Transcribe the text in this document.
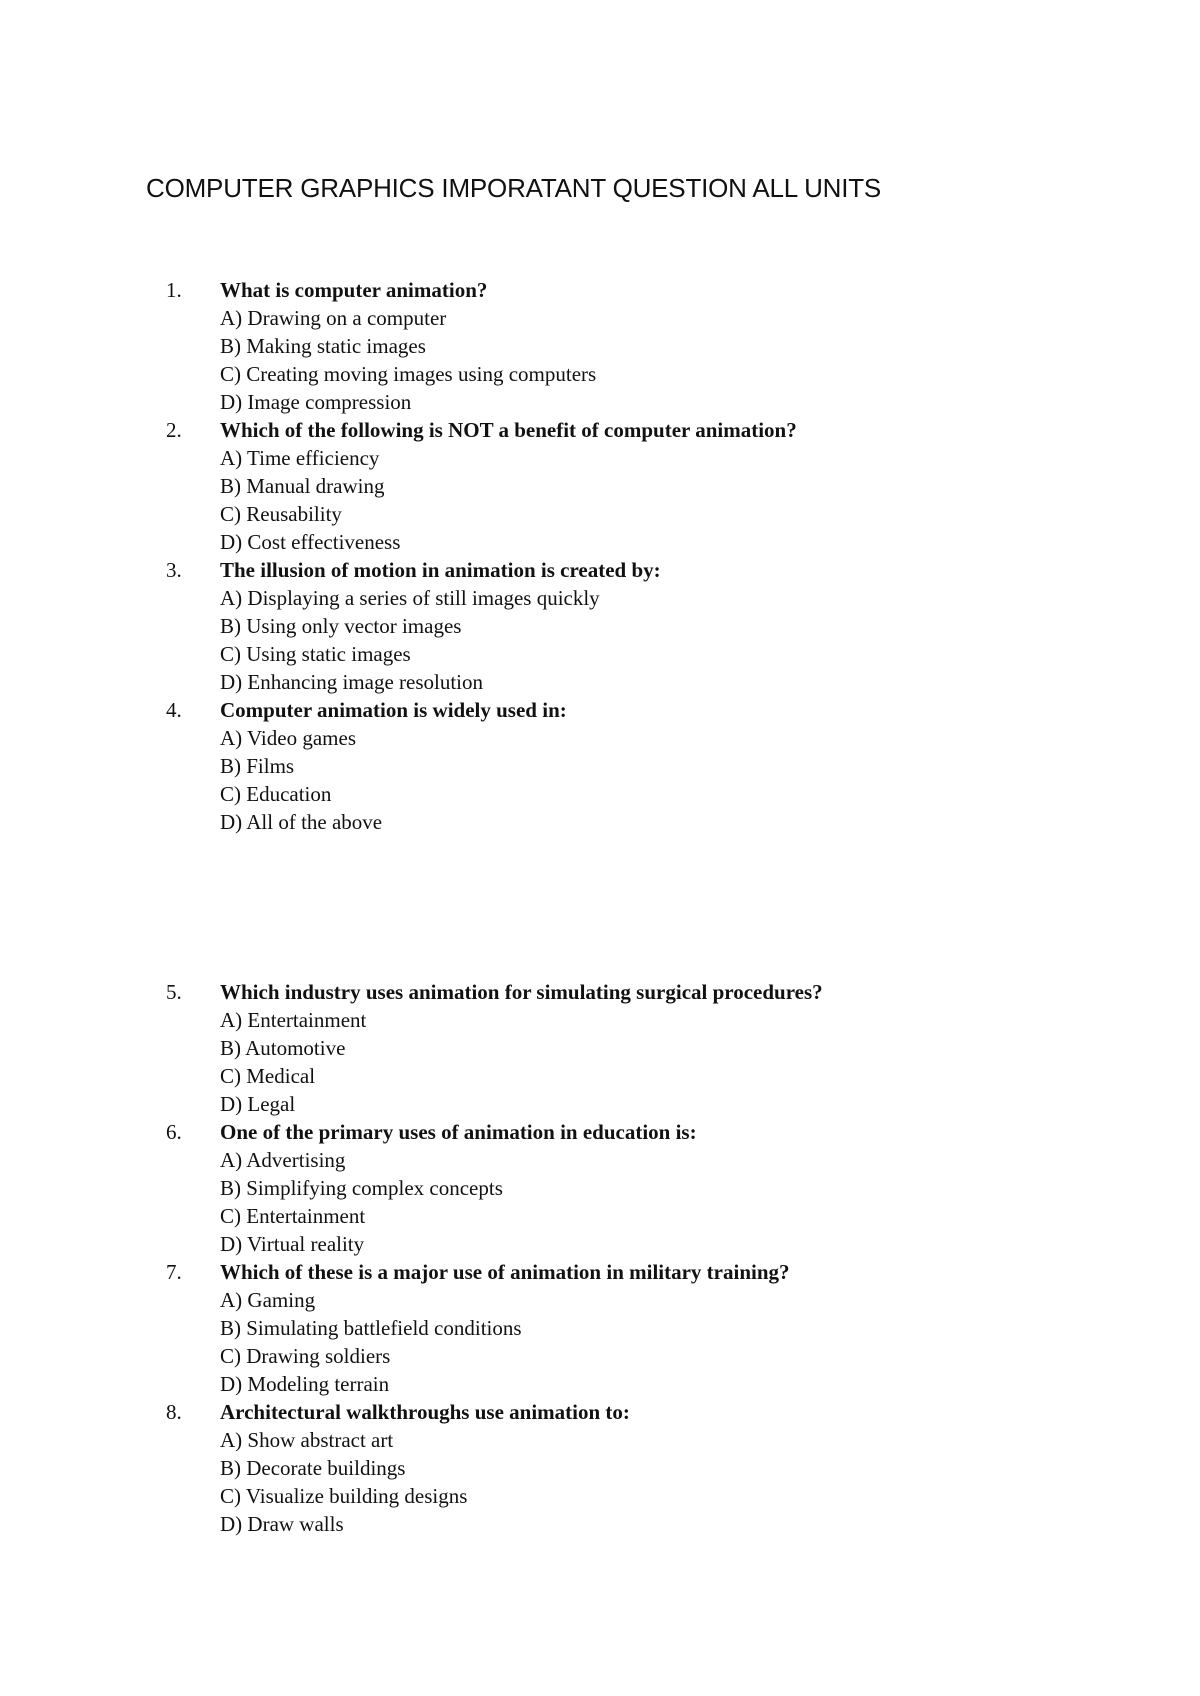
COMPUTER GRAPHICS IMPORATANT QUESTION ALL UNITS
1. What is computer animation?
A) Drawing on a computer
B) Making static images
C) Creating moving images using computers
D) Image compression
2. Which of the following is NOT a benefit of computer animation?
A) Time efficiency
B) Manual drawing
C) Reusability
D) Cost effectiveness
3. The illusion of motion in animation is created by:
A) Displaying a series of still images quickly
B) Using only vector images
C) Using static images
D) Enhancing image resolution
4. Computer animation is widely used in:
A) Video games
B) Films
C) Education
D) All of the above
5. Which industry uses animation for simulating surgical procedures?
A) Entertainment
B) Automotive
C) Medical
D) Legal
6. One of the primary uses of animation in education is:
A) Advertising
B) Simplifying complex concepts
C) Entertainment
D) Virtual reality
7. Which of these is a major use of animation in military training?
A) Gaming
B) Simulating battlefield conditions
C) Drawing soldiers
D) Modeling terrain
8. Architectural walkthroughs use animation to:
A) Show abstract art
B) Decorate buildings
C) Visualize building designs
D) Draw walls
